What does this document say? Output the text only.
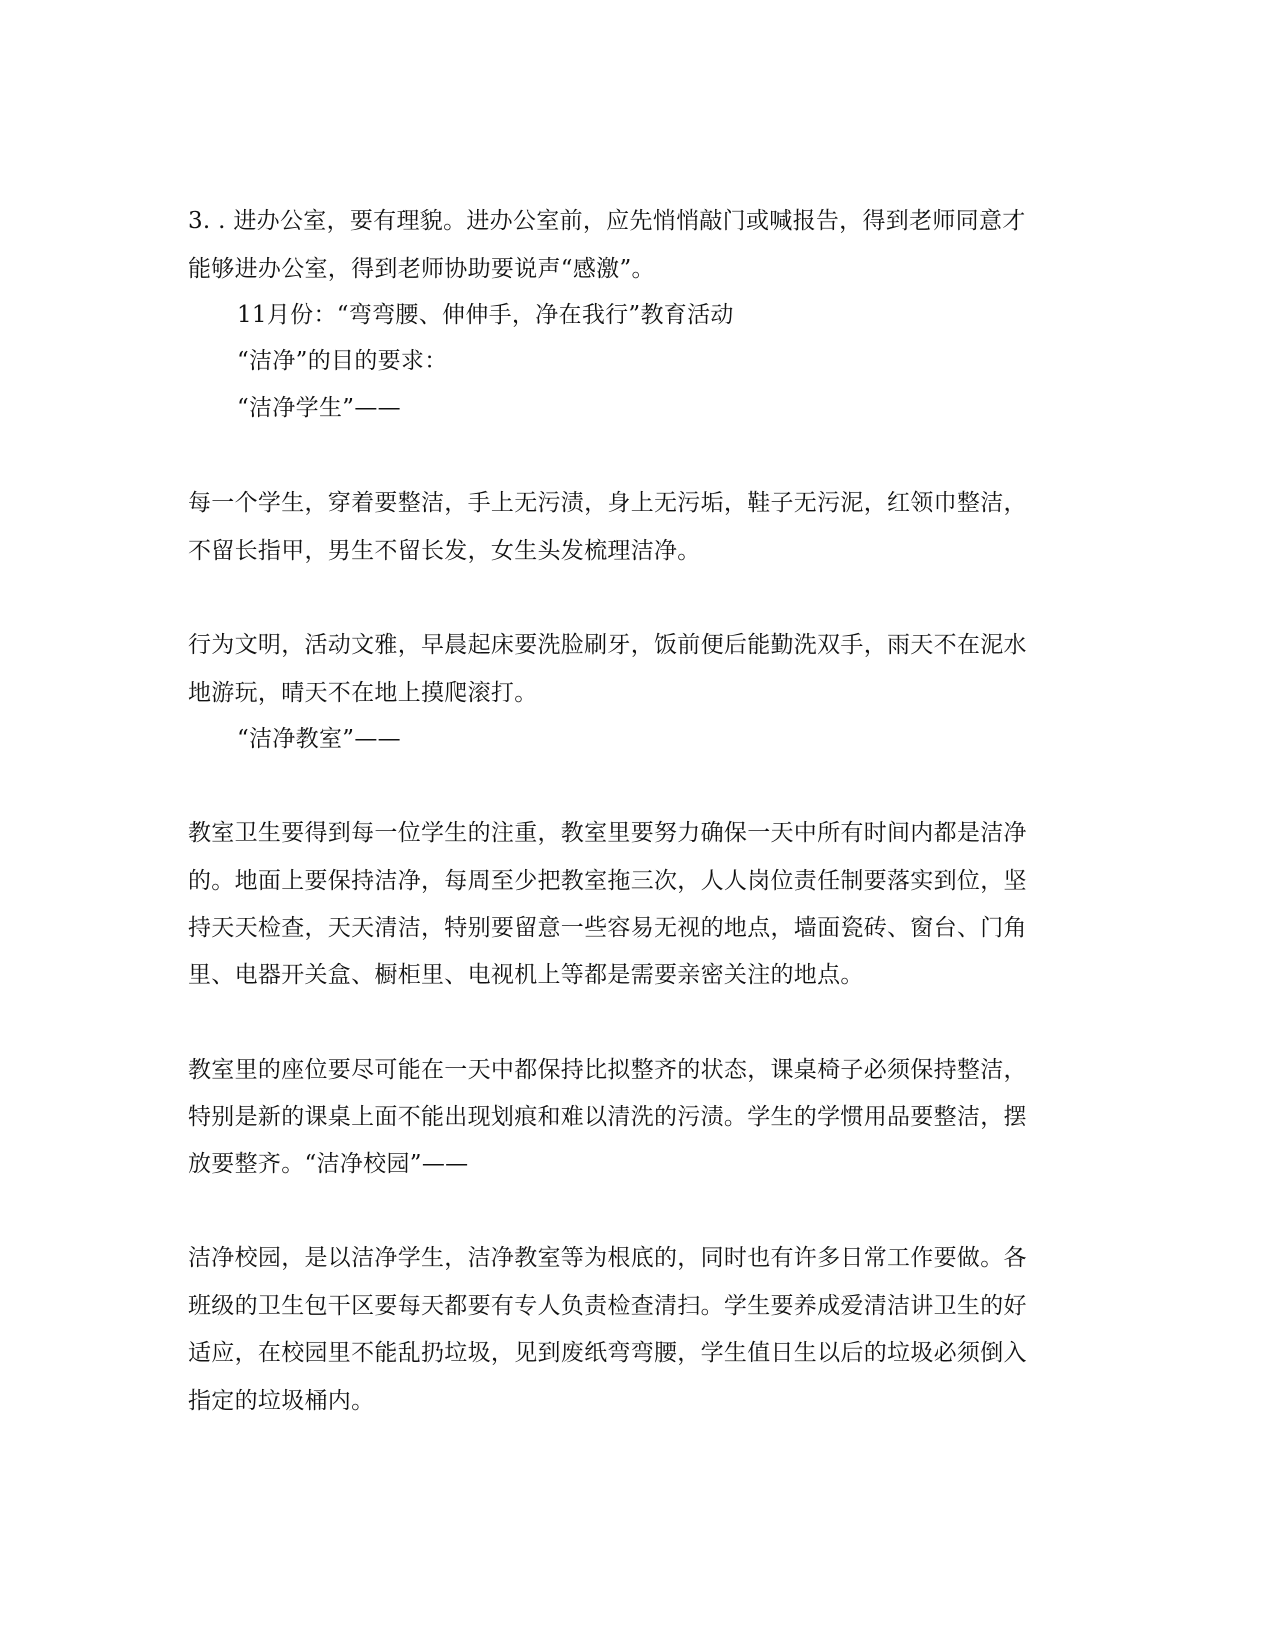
3. . 进办公室，要有理貌。进办公室前，应先悄悄敲门或喊报告，得到老师同意才
能够进办公室，得到老师协助要说声“感激”。
11月份：“弯弯腰、伸伸手，净在我行”教育活动
“洁净”的目的要求：
“洁净学生”——
每一个学生，穿着要整洁，手上无污渍，身上无污垢，鞋子无污泥，红领巾整洁，
不留长指甲，男生不留长发，女生头发梳理洁净。
行为文明，活动文雅，早晨起床要洗脸刷牙，饭前便后能勤洗双手，雨天不在泥水
地游玩，晴天不在地上摸爬滚打。
“洁净教室”——
教室卫生要得到每一位学生的注重，教室里要努力确保一天中所有时间内都是洁净
的。地面上要保持洁净，每周至少把教室拖三次，人人岗位责任制要落实到位，坚
持天天检查，天天清洁，特别要留意一些容易无视的地点，墙面瓷砖、窗台、门角
里、电器开关盒、橱柜里、电视机上等都是需要亲密关注的地点。
教室里的座位要尽可能在一天中都保持比拟整齐的状态，课桌椅子必须保持整洁，
特别是新的课桌上面不能出现划痕和难以清洗的污渍。学生的学惯用品要整洁，摆
放要整齐。“洁净校园”——
洁净校园，是以洁净学生，洁净教室等为根底的，同时也有许多日常工作要做。各
班级的卫生包干区要每天都要有专人负责检查清扫。学生要养成爱清洁讲卫生的好
适应，在校园里不能乱扔垃圾，见到废纸弯弯腰，学生值日生以后的垃圾必须倒入
指定的垃圾桶内。
